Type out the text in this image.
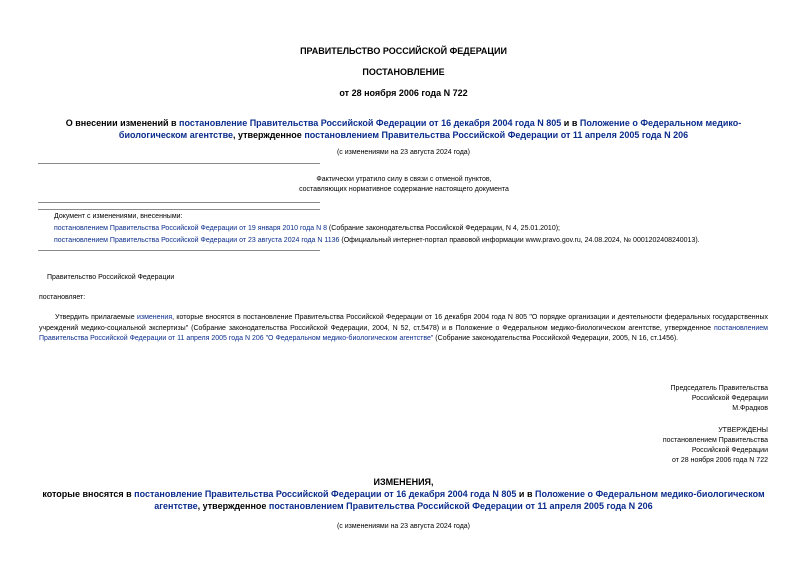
ПРАВИТЕЛЬСТВО РОССИЙСКОЙ ФЕДЕРАЦИИ
ПОСТАНОВЛЕНИЕ
от 28 ноября 2006 года N 722
О внесении изменений в постановление Правительства Российской Федерации от 16 декабря 2004 года N 805 и в Положение о Федеральном медико-
биологическом агентстве, утвержденное постановлением Правительства Российской Федерации от 11 апреля 2005 года N 206
(с изменениями на 23 августа 2024 года)
Фактически утратило силу в связи с отменой пунктов,
составляющих нормативное содержание настоящего документа
Документ с изменениями, внесенными:
постановлением Правительства Российской Федерации от 19 января 2010 года N 8 (Собрание законодательства Российской Федерации, N 4, 25.01.2010);
постановлением Правительства Российской Федерации от 23 августа 2024 года N 1136 (Официальный интернет-портал правовой информации www.pravo.gov.ru, 24.08.2024, № 0001202408240013).
Правительство Российской Федерации
постановляет:
Утвердить прилагаемые изменения, которые вносятся в постановление Правительства Российской Федерации от 16 декабря 2004 года N 805 "О порядке организации и деятельности федеральных государственных учреждений медико-социальной экспертизы" (Собрание законодательства Российской Федерации, 2004, N 52, ст.5478) и в Положение о Федеральном медико-биологическом агентстве, утвержденное постановлением Правительства Российской Федерации от 11 апреля 2005 года N 206 "О Федеральном медико-биологическом агентстве" (Собрание законодательства Российской Федерации, 2005, N 16, ст.1456).
Председатель Правительства
Российской Федерации
М.Фрадков
УТВЕРЖДЕНЫ
постановлением Правительства
Российской Федерации
от 28 ноября 2006 года N 722
ИЗМЕНЕНИЯ,
которые вносятся в постановление Правительства Российской Федерации от 16 декабря 2004 года N 805 и в Положение о Федеральном медико-биологическом
агентстве, утвержденное постановлением Правительства Российской Федерации от 11 апреля 2005 года N 206
(с изменениями на 23 августа 2024 года)
